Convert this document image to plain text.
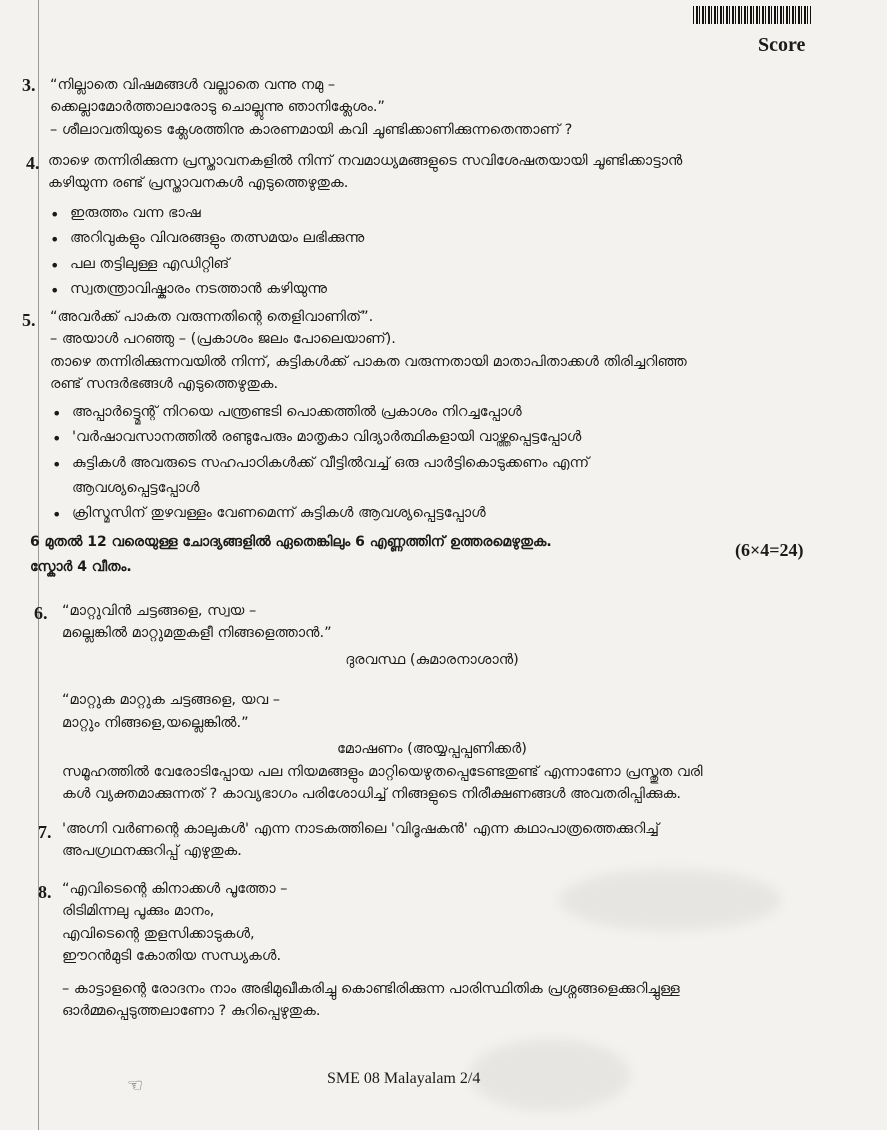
Score
3. “നില്ലാതെ വിഷമങ്ങൾ വല്ലാതെ വന്നു നമു –
ക്കെല്ലാമോർത്താലാരോടു ചൊല്ലുന്നു ഞാനിക്ലേശം.”
– ശീലാവതിയുടെ ക്ലേശത്തിനു കാരണമായി കവി ചൂണ്ടിക്കാണിക്കുന്നതെന്താണ് ?
4. താഴെ തന്നിരിക്കുന്ന പ്രസ്താവനകളിൽ നിന്ന് നവമാധ്യമങ്ങളുടെ സവിശേഷതയായി ചൂണ്ടിക്കാട്ടാൻ
കഴിയുന്ന രണ്ട് പ്രസ്താവനകൾ എടുത്തെഴുതുക.
• ഇരുത്തം വന്ന ഭാഷ
• അറിവുകളും വിവരങ്ങളും തത്സമയം ലഭിക്കുന്നു
• പല തട്ടിലുള്ള എഡിറ്റിങ്
• സ്വതന്ത്രാവിഷ്കാരം നടത്താൻ കഴിയുന്നു
5. “അവർക്ക് പാകത വരുന്നതിന്റെ തെളിവാണിത്”.
– അയാൾ പറഞ്ഞു – (പ്രകാശം ജലം പോലെയാണ്).
താഴെ തന്നിരിക്കുന്നവയിൽ നിന്ന്, കുട്ടികൾക്ക് പാകത വരുന്നതായി മാതാപിതാക്കൾ തിരിച്ചറിഞ്ഞ
രണ്ട് സന്ദർഭങ്ങൾ എടുത്തെഴുതുക.
• അപ്പാർട്ട്മെന്റ് നിറയെ പന്ത്രണ്ടടി പൊക്കത്തിൽ പ്രകാശം നിറച്ചപ്പോൾ
• 'വർഷാവസാനത്തിൽ രണ്ടുപേരും മാതൃകാ വിദ്യാർത്ഥികളായി വാഴ്ത്തപ്പെട്ടപ്പോൾ
• കുട്ടികൾ അവരുടെ സഹപാഠികൾക്ക് വീട്ടിൽവച്ച് ഒരു പാർട്ടികൊടുക്കണം എന്ന്
ആവശ്യപ്പെട്ടപ്പോൾ
• ക്രിസ്മസിന് തുഴവള്ളം വേണമെന്ന് കുട്ടികൾ ആവശ്യപ്പെട്ടപ്പോൾ
6 മുതൽ 12 വരെയുള്ള ചോദ്യങ്ങളിൽ ഏതെങ്കിലും 6 എണ്ണത്തിന് ഉത്തരമെഴുതുക.
സ്കോർ 4 വീതം.
(6×4=24)
6. “മാറ്റുവിൻ ചട്ടങ്ങളെ, സ്വയ –
മല്ലെങ്കിൽ മാറ്റുമതുകളീ നിങ്ങളെത്താൻ.”
ദുരവസ്ഥ (കുമാരനാശാൻ)
“മാറ്റുക മാറ്റുക ചട്ടങ്ങളെ, യവ –
മാറ്റും നിങ്ങളെ,യല്ലെങ്കിൽ.”
മോഷണം (അയ്യപ്പപ്പണിക്കർ)
സമൂഹത്തിൽ വേരോടിപ്പോയ പല നിയമങ്ങളും മാറ്റിയെഴുതപ്പെടേണ്ടതുണ്ട് എന്നാണോ പ്രസ്തുത വരി
കൾ വ്യക്തമാക്കുന്നത് ? കാവ്യഭാഗം പരിശോധിച്ച് നിങ്ങളുടെ നിരീക്ഷണങ്ങൾ അവതരിപ്പിക്കുക.
7. 'അഗ്നി വർണന്റെ കാലുകൾ' എന്ന നാടകത്തിലെ 'വിദൂഷകൻ' എന്ന കഥാപാത്രത്തെക്കുറിച്ച്
അപഗ്രഥനക്കുറിപ്പ് എഴുതുക.
8. “എവിടെന്റെ കിനാക്കൾ പൂത്തോ –
രിടിമിന്നലു പൂക്കും മാനം,
എവിടെന്റെ തുളസിക്കാടുകൾ,
ഈറൻമുടി കോതിയ സന്ധ്യകൾ.
– കാട്ടാളന്റെ രോദനം നാം അഭിമുഖീകരിച്ചു കൊണ്ടിരിക്കുന്ന പാരിസ്ഥിതിക പ്രശ്നങ്ങളെക്കുറിച്ചുള്ള
ഓർമ്മപ്പെടുത്തലാണോ ? കുറിപ്പെഴുതുക.
☜	SME 08 Malayalam 2/4
